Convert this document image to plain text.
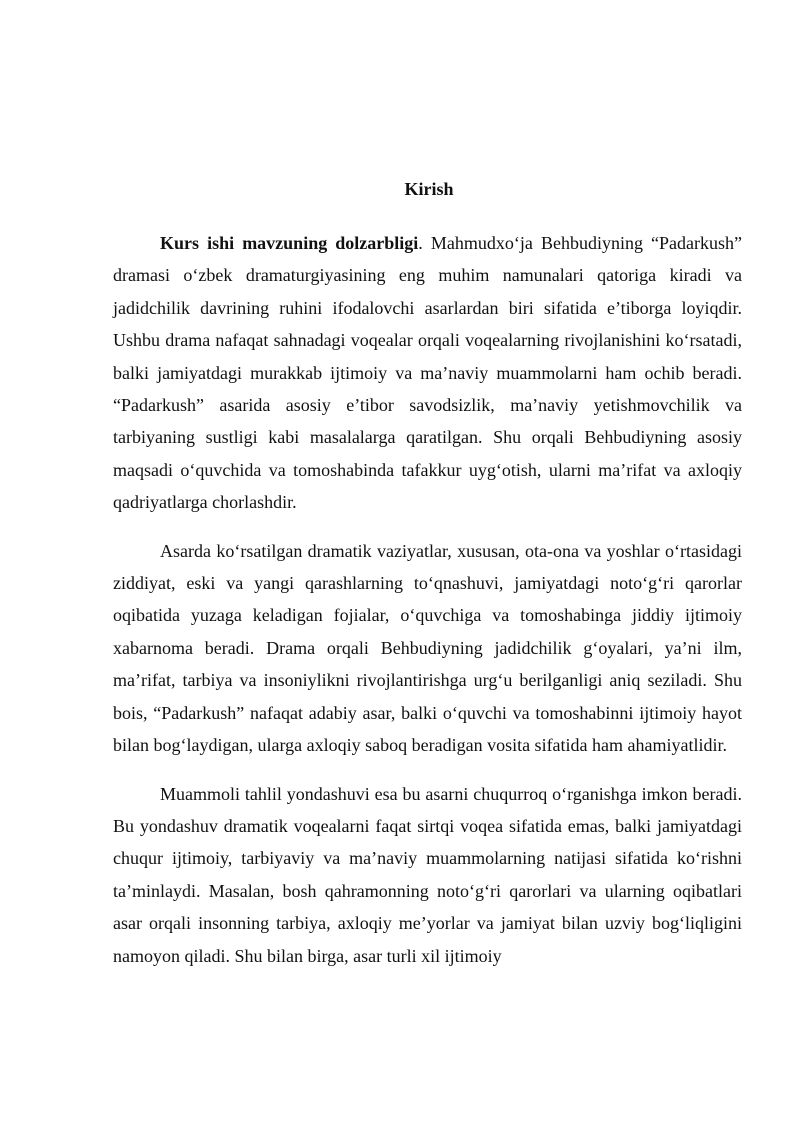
Kirish

Kurs ishi mavzuning dolzarbligi. Mahmudxo‘ja Behbudiyning “Padarkush” dramasi o‘zbek dramaturgiyasining eng muhim namunalari qatoriga kiradi va jadidchilik davrining ruhini ifodalovchi asarlardan biri sifatida e’tiborga loyiqdir. Ushbu drama nafaqat sahnadagi voqealar orqali voqealarning rivojlanishini ko‘rsatadi, balki jamiyatdagi murakkab ijtimoiy va ma’naviy muammolarni ham ochib beradi. “Padarkush” asarida asosiy e’tibor savodsizlik, ma’naviy yetishmovchilik va tarbiyaning sustligi kabi masalalarga qaratilgan. Shu orqali Behbudiyning asosiy maqsadi o‘quvchida va tomoshabinda tafakkur uyg‘otish, ularni ma’rifat va axloqiy qadriyatlarga chorlashdir.

Asarda ko‘rsatilgan dramatik vaziyatlar, xususan, ota-ona va yoshlar o‘rtasidagi ziddiyat, eski va yangi qarashlarning to‘qnashuvi, jamiyatdagi noto‘g‘ri qarorlar oqibatida yuzaga keladigan fojialar, o‘quvchiga va tomoshabinga jiddiy ijtimoiy xabarnoma beradi. Drama orqali Behbudiyning jadidchilik g‘oyalari, ya’ni ilm, ma’rifat, tarbiya va insoniylikni rivojlantirishga urg‘u berilganligi aniq seziladi. Shu bois, “Padarkush” nafaqat adabiy asar, balki o‘quvchi va tomoshabinni ijtimoiy hayot bilan bog‘laydigan, ularga axloqiy saboq beradigan vosita sifatida ham ahamiyatlidir.

Muammoli tahlil yondashuvi esa bu asarni chuqurroq o‘rganishga imkon beradi. Bu yondashuv dramatik voqealarni faqat sirtqi voqea sifatida emas, balki jamiyatdagi chuqur ijtimoiy, tarbiyaviy va ma’naviy muammolarning natijasi sifatida ko‘rishni ta’minlaydi. Masalan, bosh qahramonning noto‘g‘ri qarorlari va ularning oqibatlari asar orqali insonning tarbiya, axloqiy me’yorlar va jamiyat bilan uzviy bog‘liqligini namoyon qiladi. Shu bilan birga, asar turli xil ijtimoiy
